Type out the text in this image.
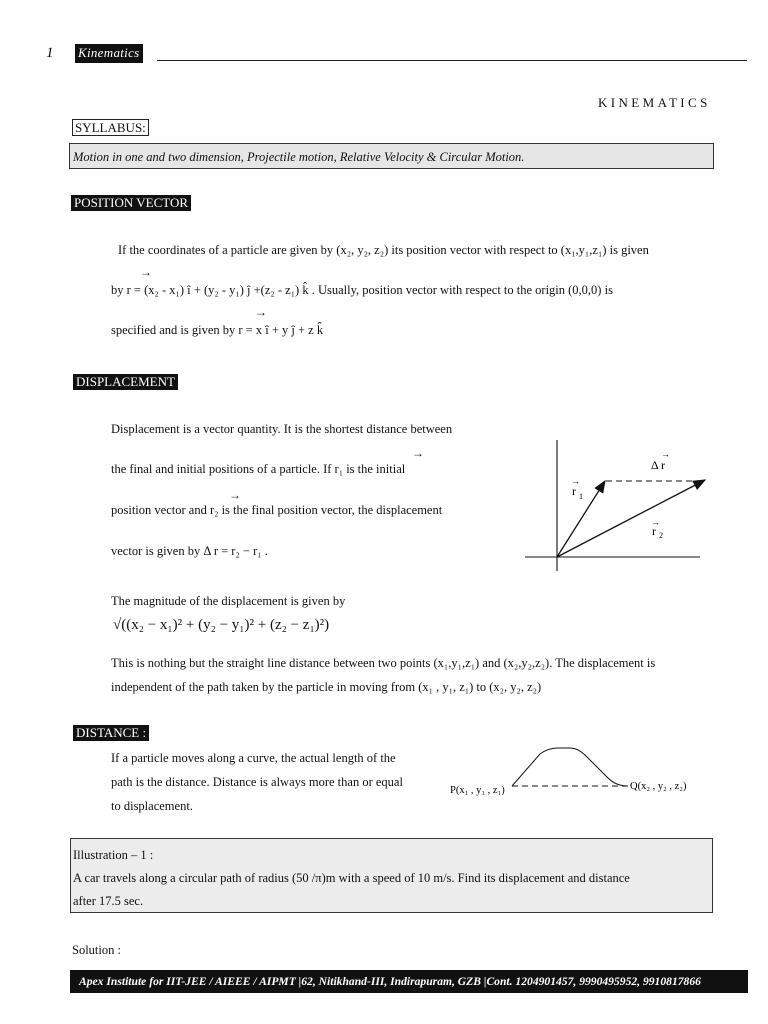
1 Kinematics
KINEMATICS
SYLLABUS:
Motion in one and two dimension, Projectile motion, Relative Velocity & Circular Motion.
POSITION VECTOR
If the coordinates of a particle are given by (x₂, y₂, z₂) its position vector with respect to (x₁,y₁,z₁) is given
by r = (x₂ - x₁) î + (y₂ - y₁) ĵ +(z₂ - z₁) k̂ . Usually, position vector with respect to the origin (0,0,0) is
specified and is given by r = x î + y ĵ + z k̂
→
→
DISPLACEMENT
Displacement is a vector quantity. It is the shortest distance between
the final and initial positions of a particle. If r₁ is the initial
position vector and r₂ is the final position vector, the displacement
vector is given by Δ r = r₂ − r₁ .
→
→	r 1
→
Δ r
→
r 2
→
The magnitude of the displacement is given by
√((x₂ − x₁)² + (y₂ − y₁)² + (z₂ − z₁)²)
This is nothing but the straight line distance between two points (x₁,y₁,z₁) and (x₂,y₂,z₂). The displacement is
independent of the path taken by the particle in moving from (x₁ , y₁, z₁) to (x₂, y₂, z₂)
DISTANCE :
If a particle moves along a curve, the actual length of the
path is the distance. Distance is always more than or equal
to displacement.
P(x₁ , y₁ , z₁)	Q(x₂ , y₂ , z₂)
Illustration – 1 :
A car travels along a circular path of radius (50 /π)m with a speed of 10 m/s. Find its displacement and distance
after 17.5 sec.
Solution :
Apex Institute for IIT-JEE / AIEEE / AIPMT |62, Nitikhand-III, Indirapuram, GZB |Cont. 1204901457, 9990495952, 9910817866
